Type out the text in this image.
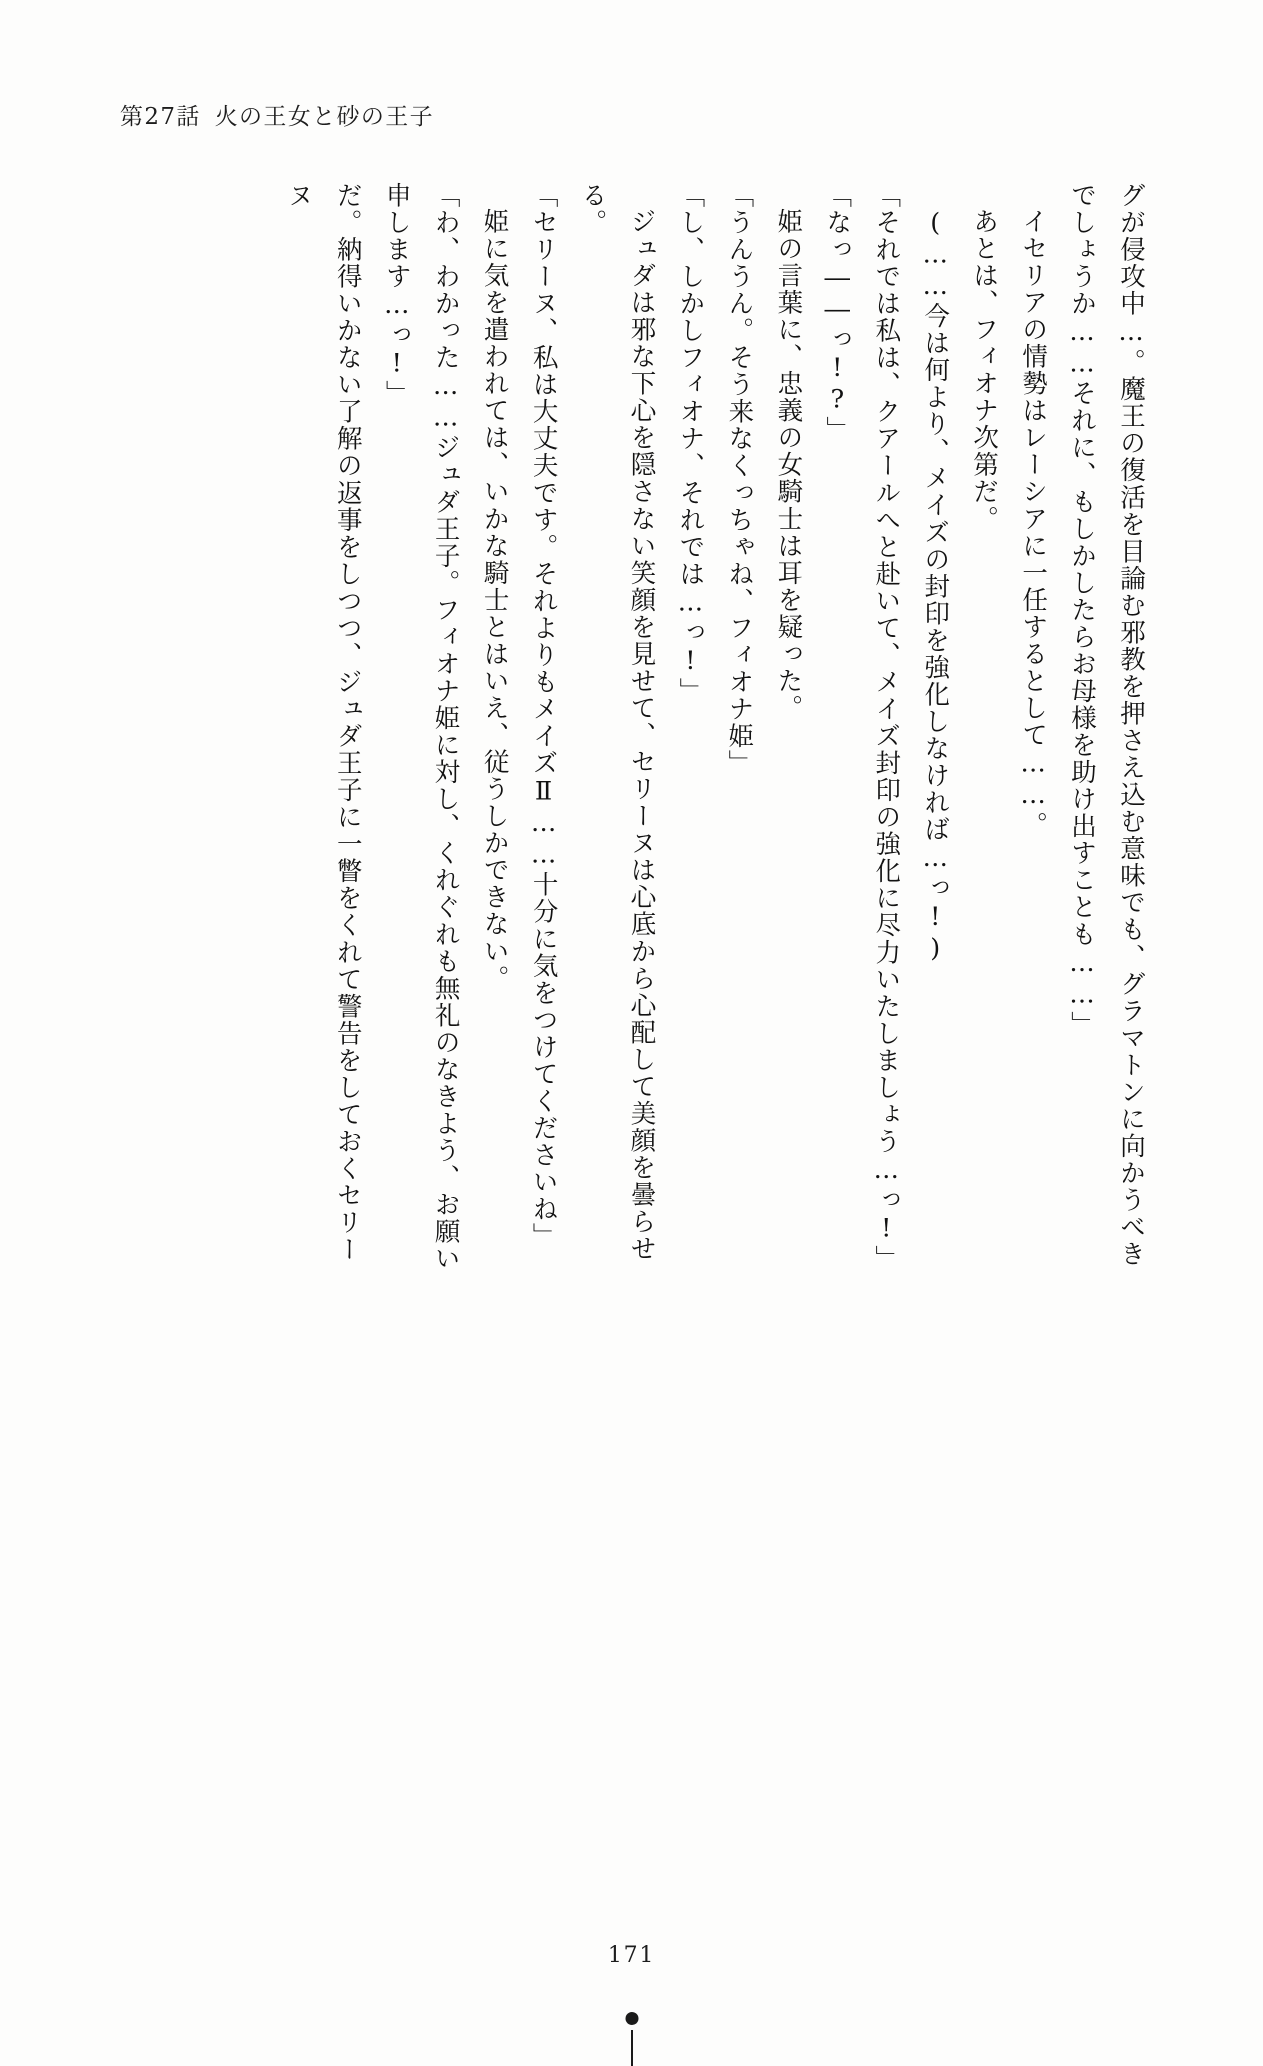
第27話 火の王女と砂の王子

グが侵攻中…。魔王の復活を目論む邪教を押さえ込む意味でも、グラマトンに向かうべきでしょうか……それに、もしかしたらお母様を助け出すことも……」

イセリアの情勢はレーシアに一任するとして……。

あとは、フィオナ次第だ。

(……今は何より、メイズの封印を強化しなければ…っ!)

「それでは私は、クアールへと赴いて、メイズ封印の強化に尽力いたしましょう…っ!」

「なっ――っ!?」

姫の言葉に、忠義の女騎士は耳を疑った。

「うんうん。そう来なくっちゃね、フィオナ姫」

「し、しかしフィオナ、それでは…っ!」

ジュダは邪な下心を隠さない笑顔を見せて、セリーヌは心底から心配して美顔を曇らせる。

「セリーヌ、私は大丈夫です。それよりもメイズⅡ……十分に気をつけてくださいね」

姫に気を遣われては、いかな騎士とはいえ、従うしかできない。

「わ、わかった……ジュダ王子。フィオナ姫に対し、くれぐれも無礼のなきよう、お願い申します…っ!」

だ。納得いかない了解の返事をしつつ、ジュダ王子に一瞥をくれて警告をしておくセリーヌ

171
